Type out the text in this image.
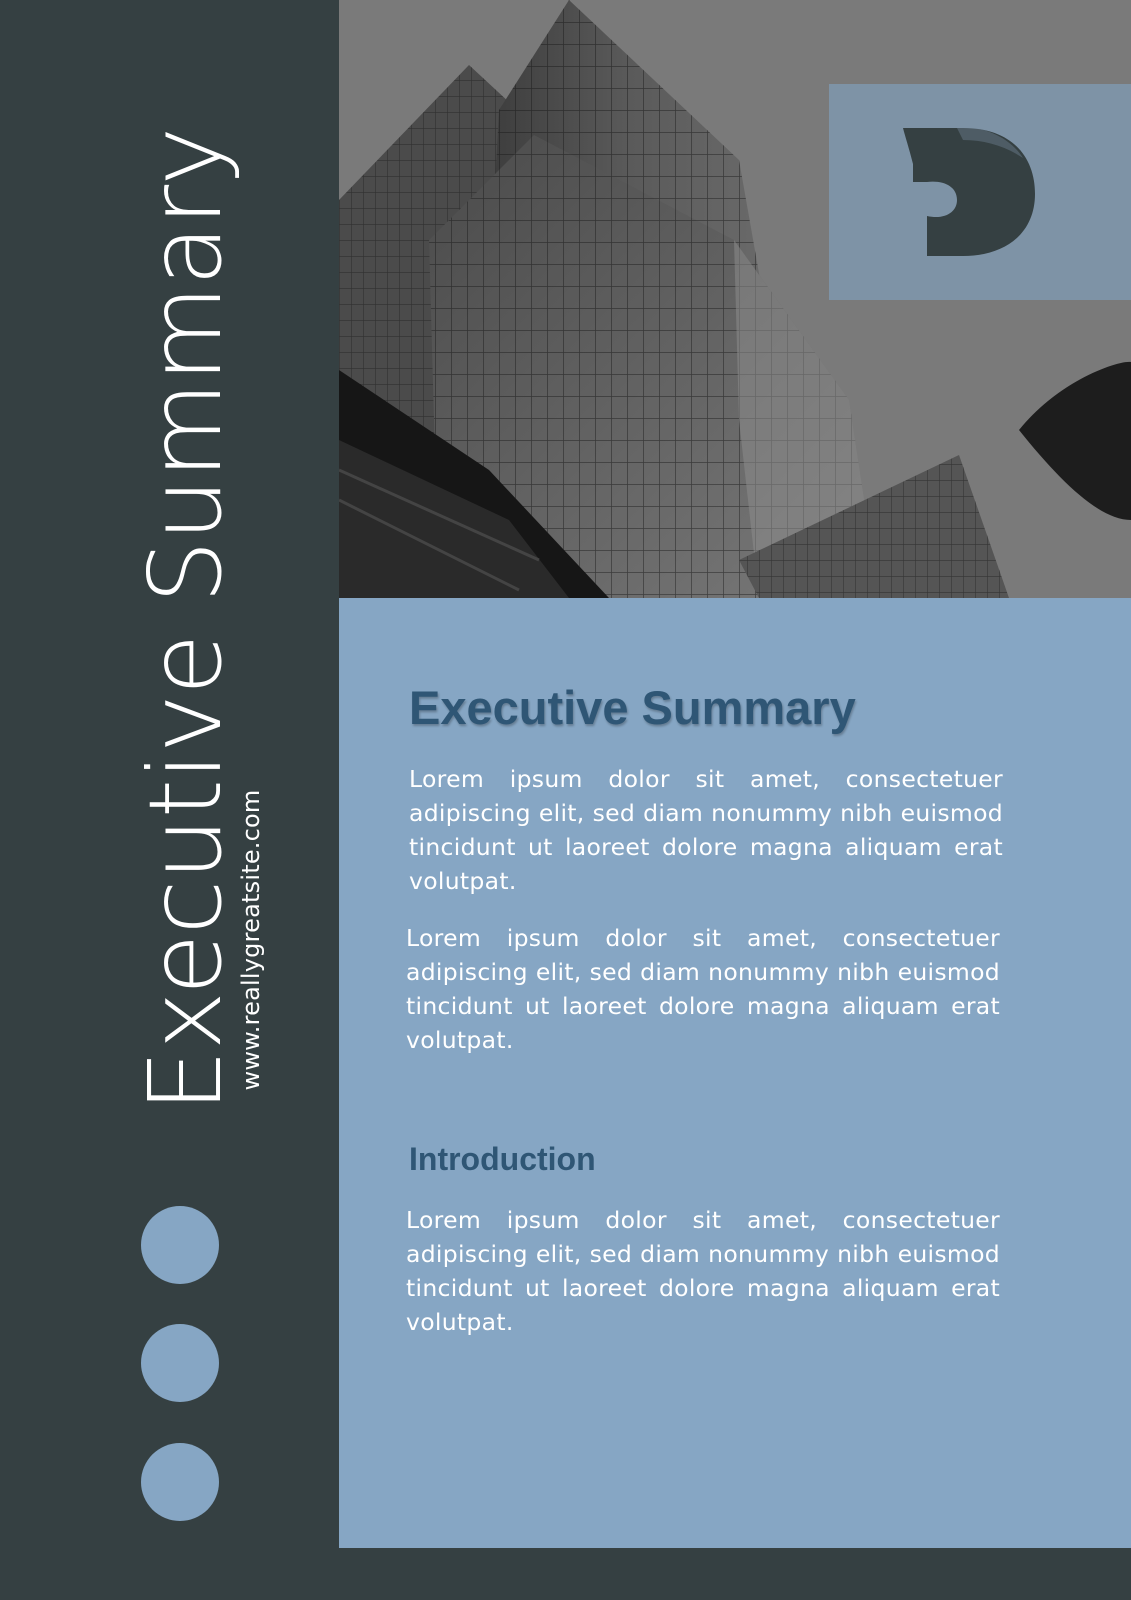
Executive Summary
www.reallygreatsite.com
Executive Summary

Lorem ipsum dolor sit amet, consectetuer adipiscing elit, sed diam nonummy nibh euismod tincidunt ut laoreet dolore magna aliquam erat volutpat.

Lorem ipsum dolor sit amet, consectetuer adipiscing elit, sed diam nonummy nibh euismod tincidunt ut laoreet dolore magna aliquam erat volutpat.

Introduction

Lorem ipsum dolor sit amet, consectetuer adipiscing elit, sed diam nonummy nibh euismod tincidunt ut laoreet dolore magna aliquam erat volutpat.
